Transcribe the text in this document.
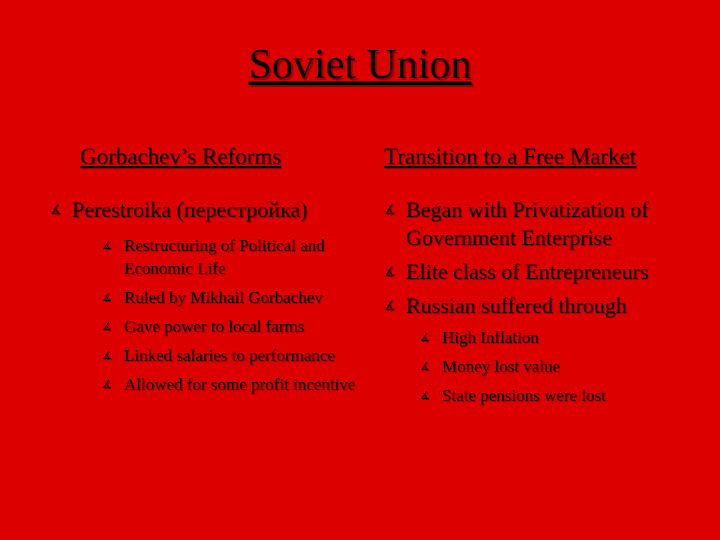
Soviet Union
Gorbachev’s Reforms
∡ Perestroika (перестройка)
∡ Restructuring of Political and Economic Life
∡ Ruled by Mikhail Gorbachev
∡ Gave power to local farms
∡ Linked salaries to performance
∡ Allowed for some profit incentive
Transition to a Free Market
∡ Began with Privatization of Government Enterprise
∡ Elite class of Entrepreneurs
∡ Russian suffered through
∡ High Inflation
∡ Money lost value
∡ State pensions were lost
